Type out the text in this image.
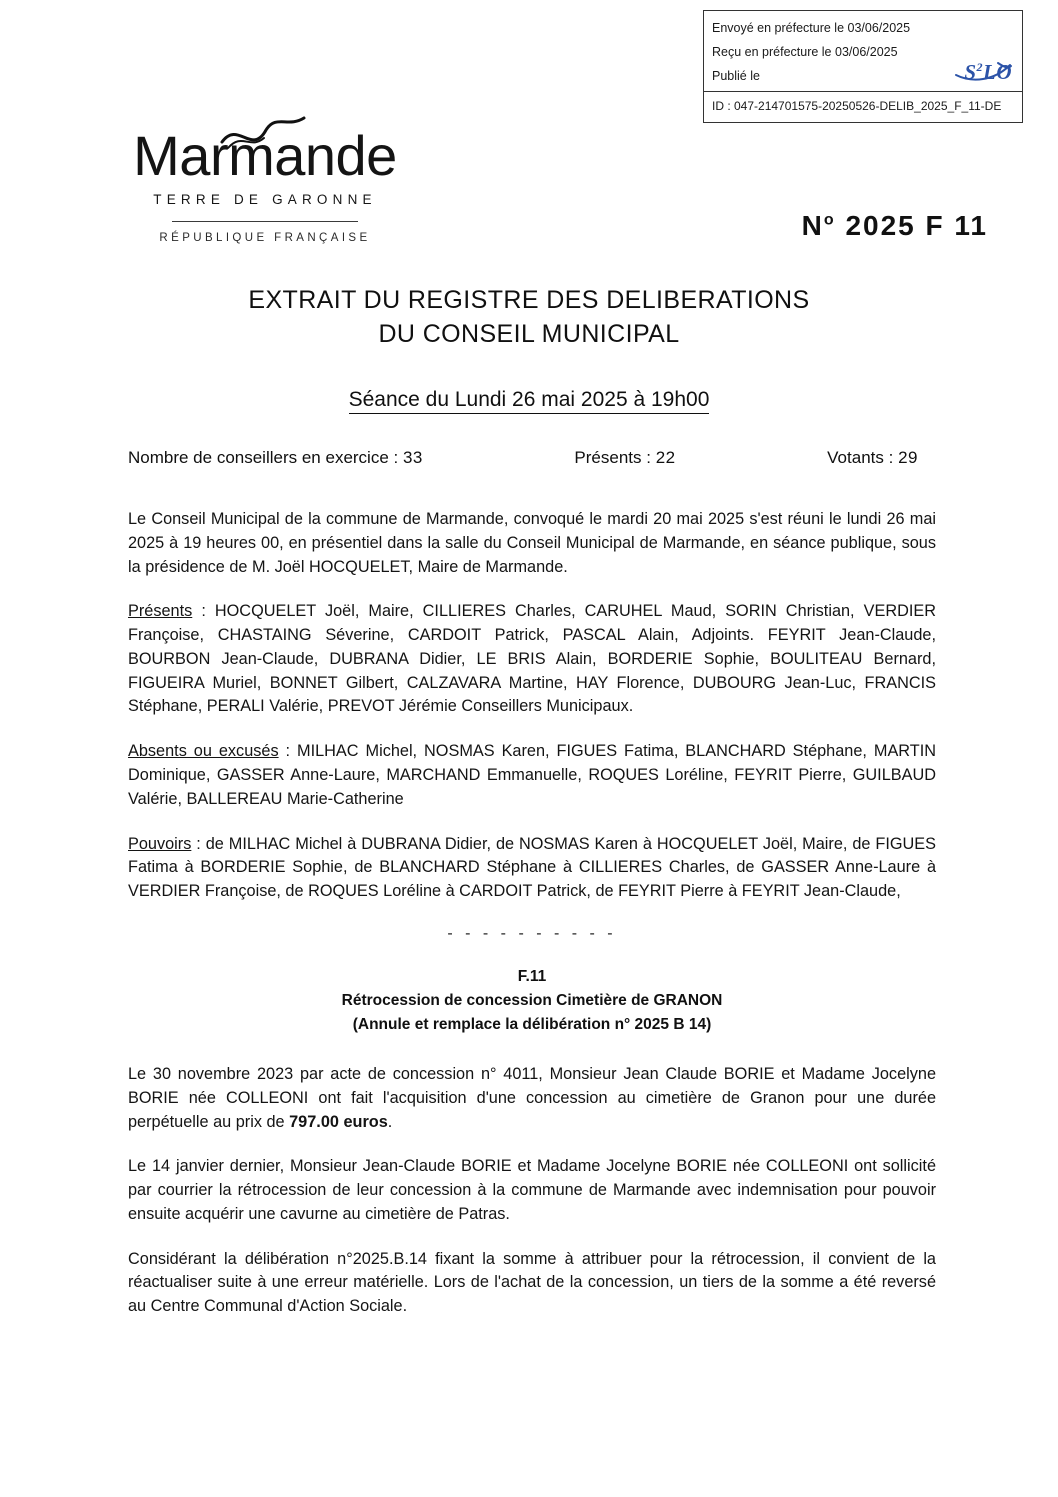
Envoyé en préfecture le 03/06/2025
Reçu en préfecture le 03/06/2025
Publié le
ID : 047-214701575-20250526-DELIB_2025_F_11-DE
$S^2LO$
Marmande
TERRE DE GARONNE
RÉPUBLIQUE FRANÇAISE	$N^o$ 2025 F 11
EXTRAIT DU REGISTRE DES DELIBERATIONS
DU CONSEIL MUNICIPAL
Séance du Lundi 26 mai 2025 à 19h00
Nombre de conseillers en exercice : 33	Présents : 22	Votants : 29

Le Conseil Municipal de la commune de Marmande, convoqué le mardi 20 mai 2025 s'est réuni le lundi 26 mai 2025 à 19 heures 00, en présentiel dans la salle du Conseil Municipal de Marmande, en séance publique, sous la présidence de M. Joël HOCQUELET, Maire de Marmande.

Présents : HOCQUELET Joël, Maire, CILLIERES Charles, CARUHEL Maud, SORIN Christian, VERDIER Françoise, CHASTAING Séverine, CARDOIT Patrick, PASCAL Alain, Adjoints. FEYRIT Jean-Claude, BOURBON Jean-Claude, DUBRANA Didier, LE BRIS Alain, BORDERIE Sophie, BOULITEAU Bernard, FIGUEIRA Muriel, BONNET Gilbert, CALZAVARA Martine, HAY Florence, DUBOURG Jean-Luc, FRANCIS Stéphane, PERALI Valérie, PREVOT Jérémie Conseillers Municipaux.

Absents ou excusés : MILHAC Michel, NOSMAS Karen, FIGUES Fatima, BLANCHARD Stéphane, MARTIN Dominique, GASSER Anne-Laure, MARCHAND Emmanuelle, ROQUES Loréline, FEYRIT Pierre, GUILBAUD Valérie, BALLEREAU Marie-Catherine

Pouvoirs : de MILHAC Michel à DUBRANA Didier, de NOSMAS Karen à HOCQUELET Joël, Maire, de FIGUES Fatima à BORDERIE Sophie, de BLANCHARD Stéphane à CILLIERES Charles, de GASSER Anne-Laure à VERDIER Françoise, de ROQUES Loréline à CARDOIT Patrick, de FEYRIT Pierre à FEYRIT Jean-Claude,

- - - - - - - - - -
F.11
Rétrocession de concession Cimetière de GRANON
(Annule et remplace la délibération n° 2025 B 14)

Le 30 novembre 2023 par acte de concession n° 4011, Monsieur Jean Claude BORIE et Madame Jocelyne BORIE née COLLEONI ont fait l'acquisition d'une concession au cimetière de Granon pour une durée perpétuelle au prix de 797.00 euros.

Le 14 janvier dernier, Monsieur Jean-Claude BORIE et Madame Jocelyne BORIE née COLLEONI ont sollicité par courrier la rétrocession de leur concession à la commune de Marmande avec indemnisation pour pouvoir ensuite acquérir une cavurne au cimetière de Patras.

Considérant la délibération n°2025.B.14 fixant la somme à attribuer pour la rétrocession, il convient de la réactualiser suite à une erreur matérielle. Lors de l'achat de la concession, un tiers de la somme a été reversé au Centre Communal d'Action Sociale.
